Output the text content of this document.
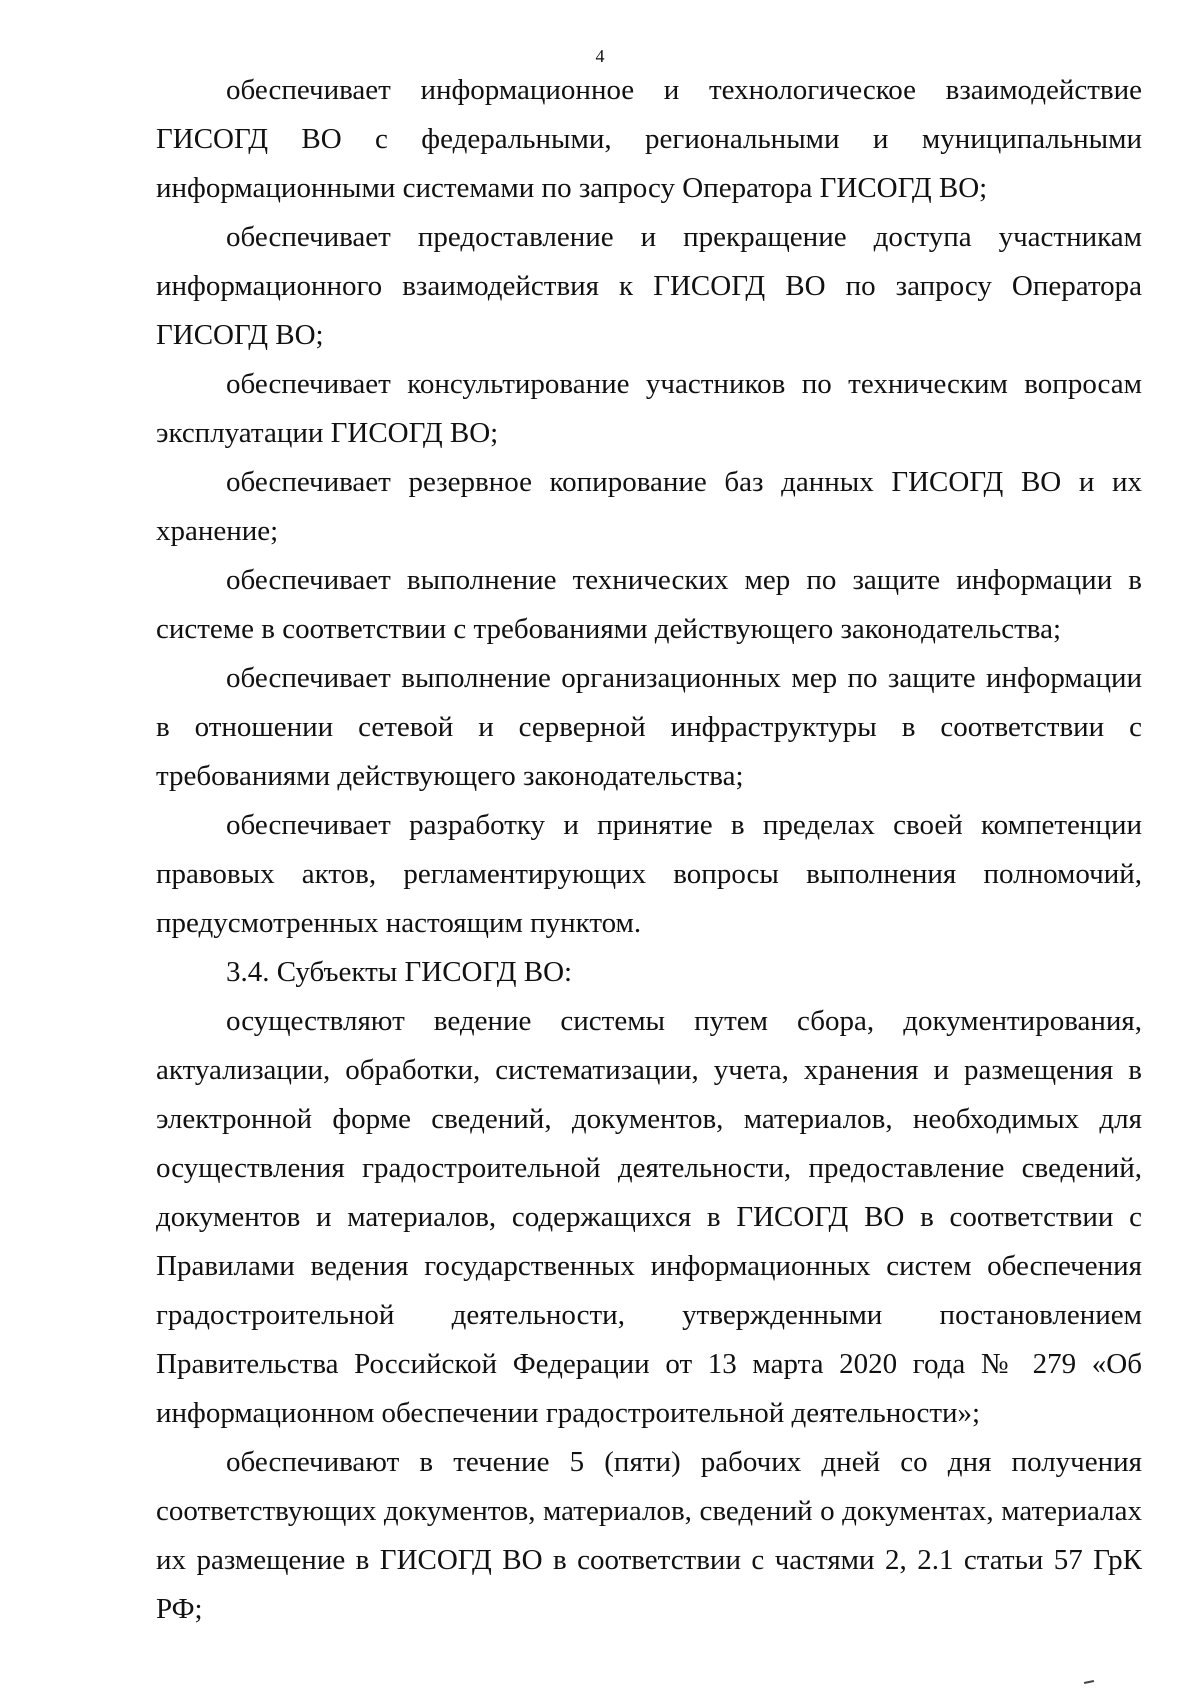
4

обеспечивает информационное и технологическое взаимодействие ГИСОГД ВО с федеральными, региональными и муниципальными информационными системами по запросу Оператора ГИСОГД ВО;

обеспечивает предоставление и прекращение доступа участникам информационного взаимодействия к ГИСОГД ВО по запросу Оператора ГИСОГД ВО;

обеспечивает консультирование участников по техническим вопросам эксплуатации ГИСОГД ВО;

обеспечивает резервное копирование баз данных ГИСОГД ВО и их хранение;

обеспечивает выполнение технических мер по защите информации в системе в соответствии с требованиями действующего законодательства;

обеспечивает выполнение организационных мер по защите информации в отношении сетевой и серверной инфраструктуры в соответствии с требованиями действующего законодательства;

обеспечивает разработку и принятие в пределах своей компетенции правовых актов, регламентирующих вопросы выполнения полномочий, предусмотренных настоящим пунктом.

3.4. Субъекты ГИСОГД ВО:

осуществляют ведение системы путем сбора, документирования, актуализации, обработки, систематизации, учета, хранения и размещения в электронной форме сведений, документов, материалов, необходимых для осуществления градостроительной деятельности, предоставление сведений, документов и материалов, содержащихся в ГИСОГД ВО в соответствии с Правилами ведения государственных информационных систем обеспечения градостроительной деятельности, утвержденными постановлением Правительства Российской Федерации от 13 марта 2020 года № 279 «Об информационном обеспечении градостроительной деятельности»;

обеспечивают в течение 5 (пяти) рабочих дней со дня получения соответствующих документов, материалов, сведений о документах, материалах их размещение в ГИСОГД ВО в соответствии с частями 2, 2.1 статьи 57 ГрК РФ;
